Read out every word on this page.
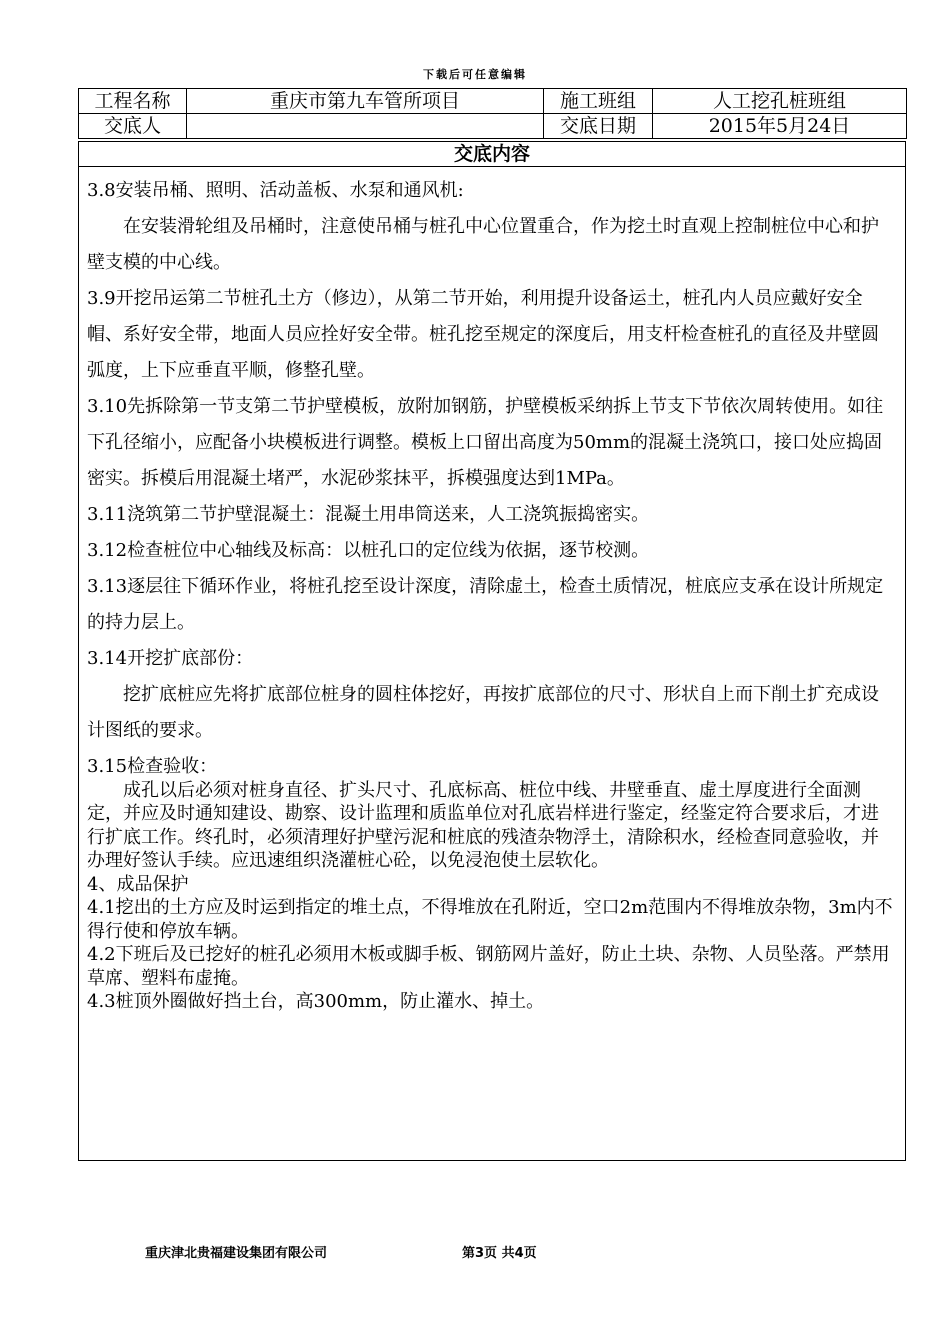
下载后可任意编辑
工程名称	重庆市第九车管所项目	施工班组	人工挖孔桩班组
交底人		交底日期	2015年5月24日
交底内容

3.8安装吊桶、照明、活动盖板、水泵和通风机:

在安装滑轮组及吊桶时，注意使吊桶与桩孔中心位置重合，作为挖土时直观上控制桩位中心和护壁支模的中心线。

3.9开挖吊运第二节桩孔土方（修边），从第二节开始，利用提升设备运土，桩孔内人员应戴好安全帽、系好安全带，地面人员应拴好安全带。桩孔挖至规定的深度后，用支杆检查桩孔的直径及井壁圆弧度，上下应垂直平顺，修整孔壁。

3.10先拆除第一节支第二节护壁模板，放附加钢筋，护壁模板采纳拆上节支下节依次周转使用。如往下孔径缩小，应配备小块模板进行调整。模板上口留出高度为50mm的混凝土浇筑口，接口处应捣固密实。拆模后用混凝土堵严，水泥砂浆抹平，拆模强度达到1MPa。

3.11浇筑第二节护壁混凝土：混凝土用串筒送来，人工浇筑振捣密实。

3.12检查桩位中心轴线及标高：以桩孔口的定位线为依据，逐节校测。

3.13逐层往下循环作业，将桩孔挖至设计深度，清除虚土，检查土质情况，桩底应支承在设计所规定的持力层上。

3.14开挖扩底部份：

挖扩底桩应先将扩底部位桩身的圆柱体挖好，再按扩底部位的尺寸、形状自上而下削土扩充成设计图纸的要求。

3.15检查验收：

成孔以后必须对桩身直径、扩头尺寸、孔底标高、桩位中线、井壁垂直、虚土厚度进行全面测定，并应及时通知建设、勘察、设计监理和质监单位对孔底岩样进行鉴定，经鉴定符合要求后，才进行扩底工作。终孔时，必须清理好护壁污泥和桩底的残渣杂物浮土，清除积水，经检查同意验收，并办理好签认手续。应迅速组织浇灌桩心砼，以免浸泡使土层软化。

4、成品保护

4.1挖出的土方应及时运到指定的堆土点，不得堆放在孔附近，空口2m范围内不得堆放杂物，3m内不得行使和停放车辆。

4.2下班后及已挖好的桩孔必须用木板或脚手板、钢筋网片盖好，防止土块、杂物、人员坠落。严禁用草席、塑料布虚掩。

4.3桩顶外圈做好挡土台，高300mm，防止灌水、掉土。

重庆津北贵福建设集团有限公司	第3页 共4页
